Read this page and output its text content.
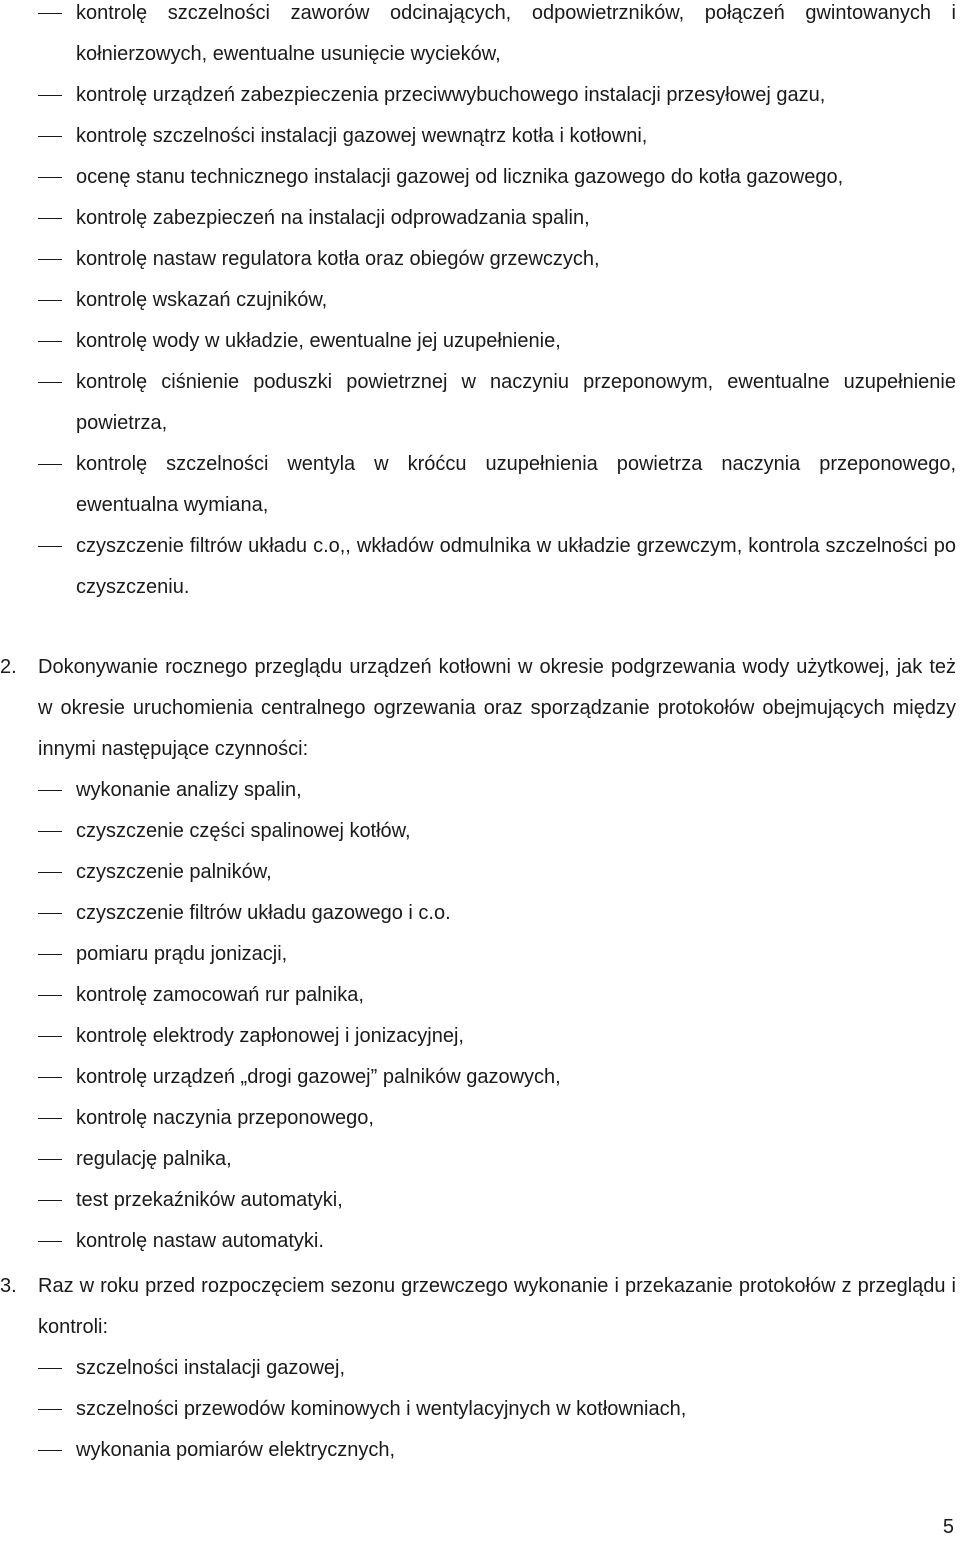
kontrolę szczelności zaworów odcinających, odpowietrzników, połączeń gwintowanych i kołnierzowych, ewentualne usunięcie wycieków,
kontrolę urządzeń zabezpieczenia przeciwwybuchowego instalacji przesyłowej gazu,
kontrolę szczelności instalacji gazowej wewnątrz kotła i kotłowni,
ocenę stanu technicznego instalacji gazowej od licznika gazowego do kotła gazowego,
kontrolę zabezpieczeń na instalacji odprowadzania spalin,
kontrolę nastaw regulatora kotła oraz obiegów grzewczych,
kontrolę wskazań czujników,
kontrolę wody w układzie, ewentualne jej uzupełnienie,
kontrolę ciśnienie poduszki powietrznej w naczyniu przeponowym, ewentualne uzupełnienie powietrza,
kontrolę szczelności wentyla w króćcu uzupełnienia powietrza naczynia przeponowego, ewentualna wymiana,
czyszczenie filtrów układu c.o,, wkładów odmulnika w układzie grzewczym, kontrola szczelności po czyszczeniu.
2. Dokonywanie rocznego przeglądu urządzeń kotłowni w okresie podgrzewania wody użytkowej, jak też w okresie uruchomienia centralnego ogrzewania oraz sporządzanie protokołów obejmujących między innymi następujące czynności:
wykonanie analizy spalin,
czyszczenie części spalinowej kotłów,
czyszczenie palników,
czyszczenie filtrów układu gazowego i c.o.
pomiaru prądu jonizacji,
kontrolę zamocowań rur palnika,
kontrolę elektrody zapłonowej i jonizacyjnej,
kontrolę urządzeń „drogi gazowej” palników gazowych,
kontrolę naczynia przeponowego,
regulację palnika,
test przekaźników automatyki,
kontrolę nastaw automatyki.
3. Raz w roku przed rozpoczęciem sezonu grzewczego wykonanie i przekazanie protokołów z przeglądu i kontroli:
szczelności instalacji gazowej,
szczelności przewodów kominowych i wentylacyjnych w kotłowniach,
wykonania pomiarów elektrycznych,
5
